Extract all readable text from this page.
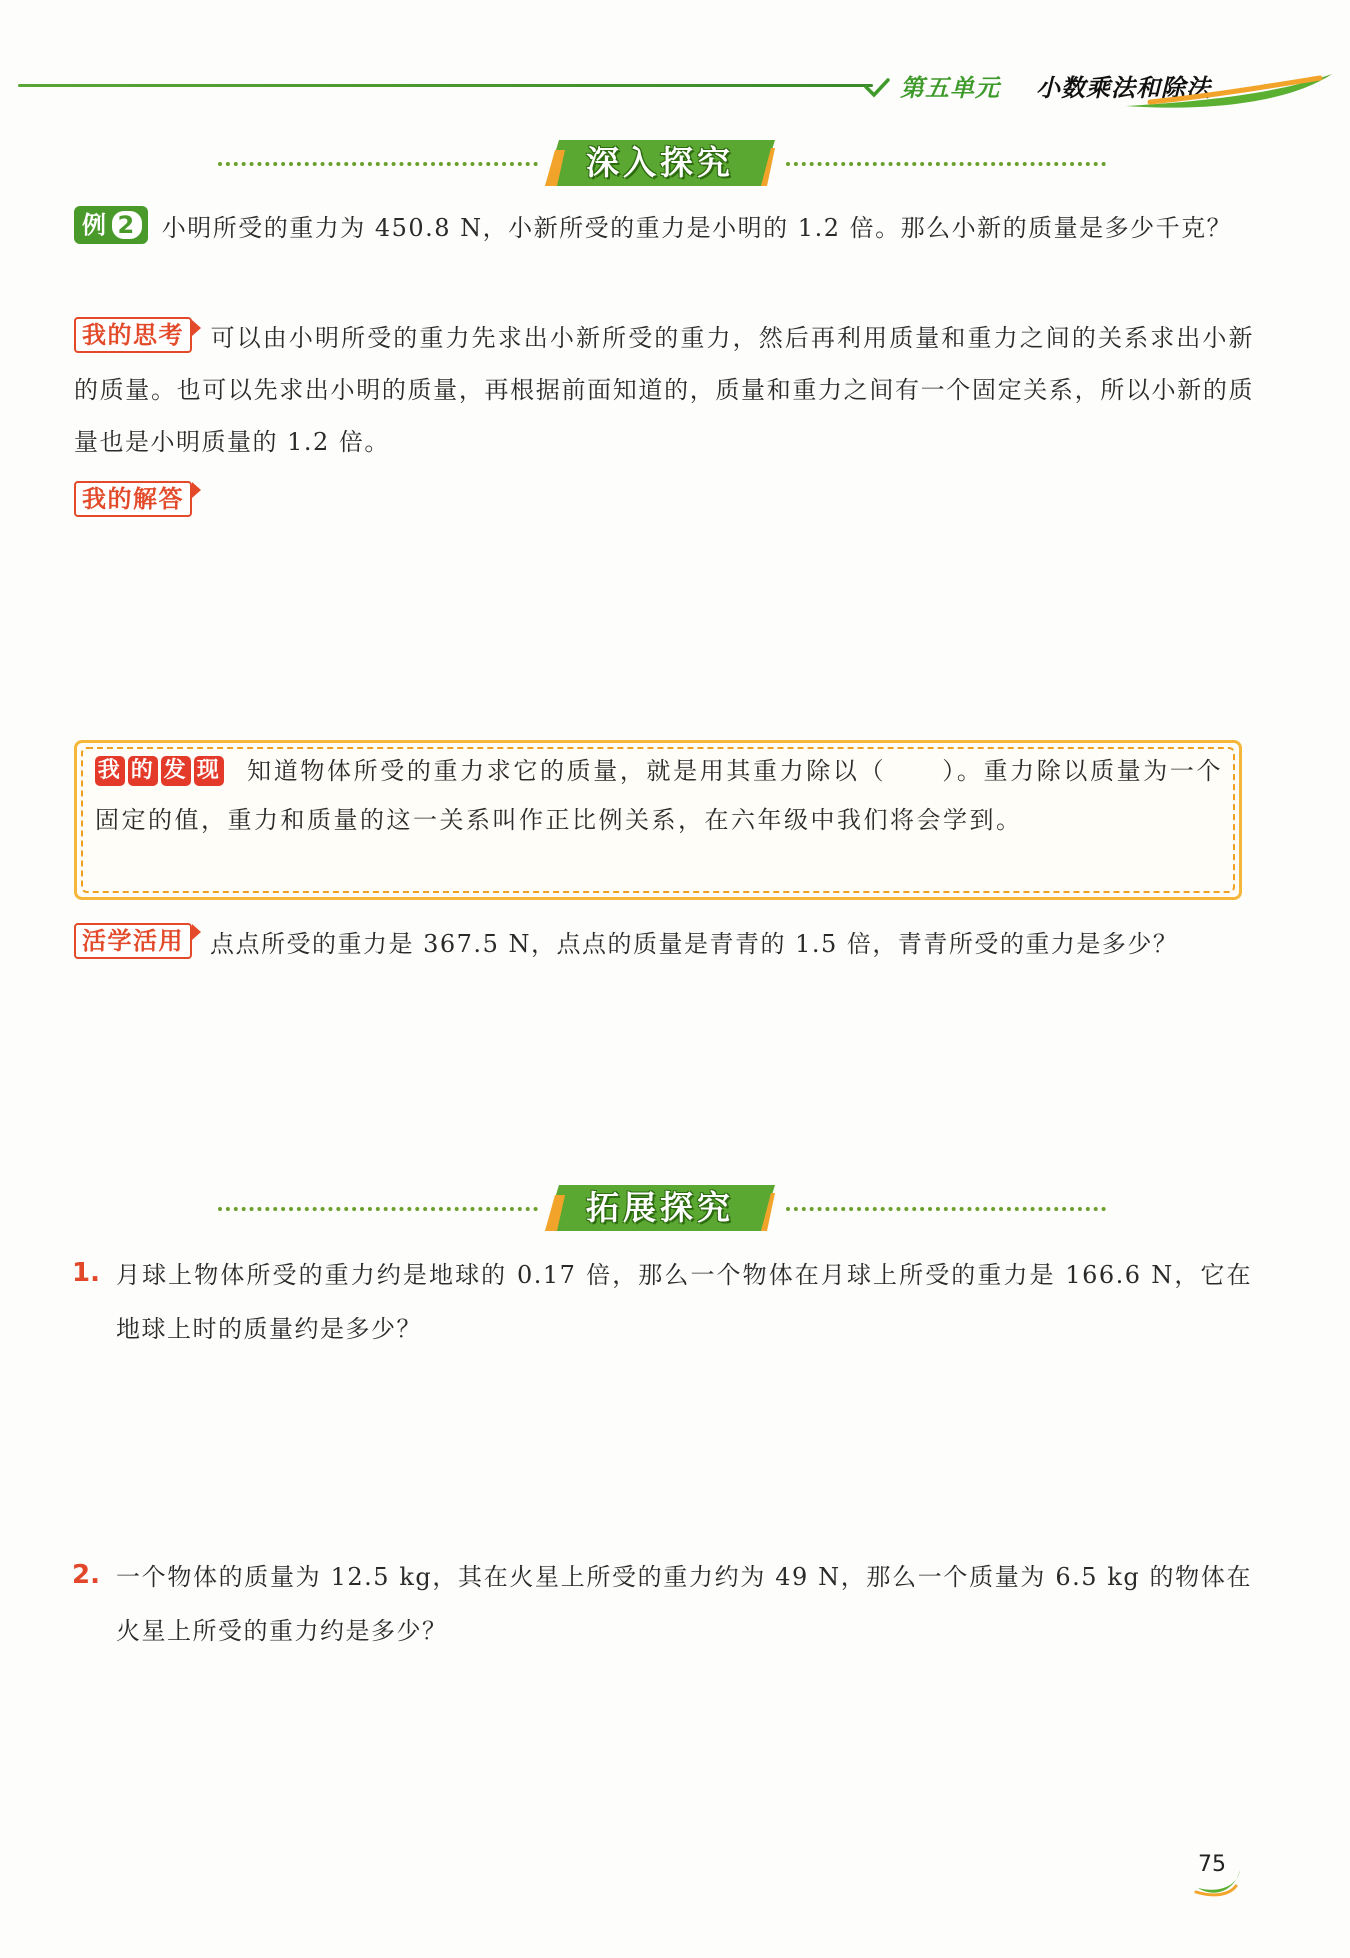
第五单元 小数乘法和除法
深入探究
例 2 小明所受的重力为 450.8 N，小新所受的重力是小明的 1.2 倍。那么小新的质量是多少千克？
我的思考 可以由小明所受的重力先求出小新所受的重力，然后再利用质量和重力之间的关系求出小新的质量。也可以先求出小明的质量，再根据前面知道的，质量和重力之间有一个固定关系，所以小新的质量也是小明质量的 1.2 倍。
我的解答
我 的 发 现 知道物体所受的重力求它的质量，就是用其重力除以（ ）。重力除以质量为一个固定的值，重力和质量的这一关系叫作正比例关系，在六年级中我们将会学到。
活学活用 点点所受的重力是 367.5 N，点点的质量是青青的 1.5 倍，青青所受的重力是多少？
拓展探究
1. 月球上物体所受的重力约是地球的 0.17 倍，那么一个物体在月球上所受的重力是 166.6 N，它在地球上时的质量约是多少？
2. 一个物体的质量为 12.5 kg，其在火星上所受的重力约为 49 N，那么一个质量为 6.5 kg 的物体在火星上所受的重力约是多少？
75
